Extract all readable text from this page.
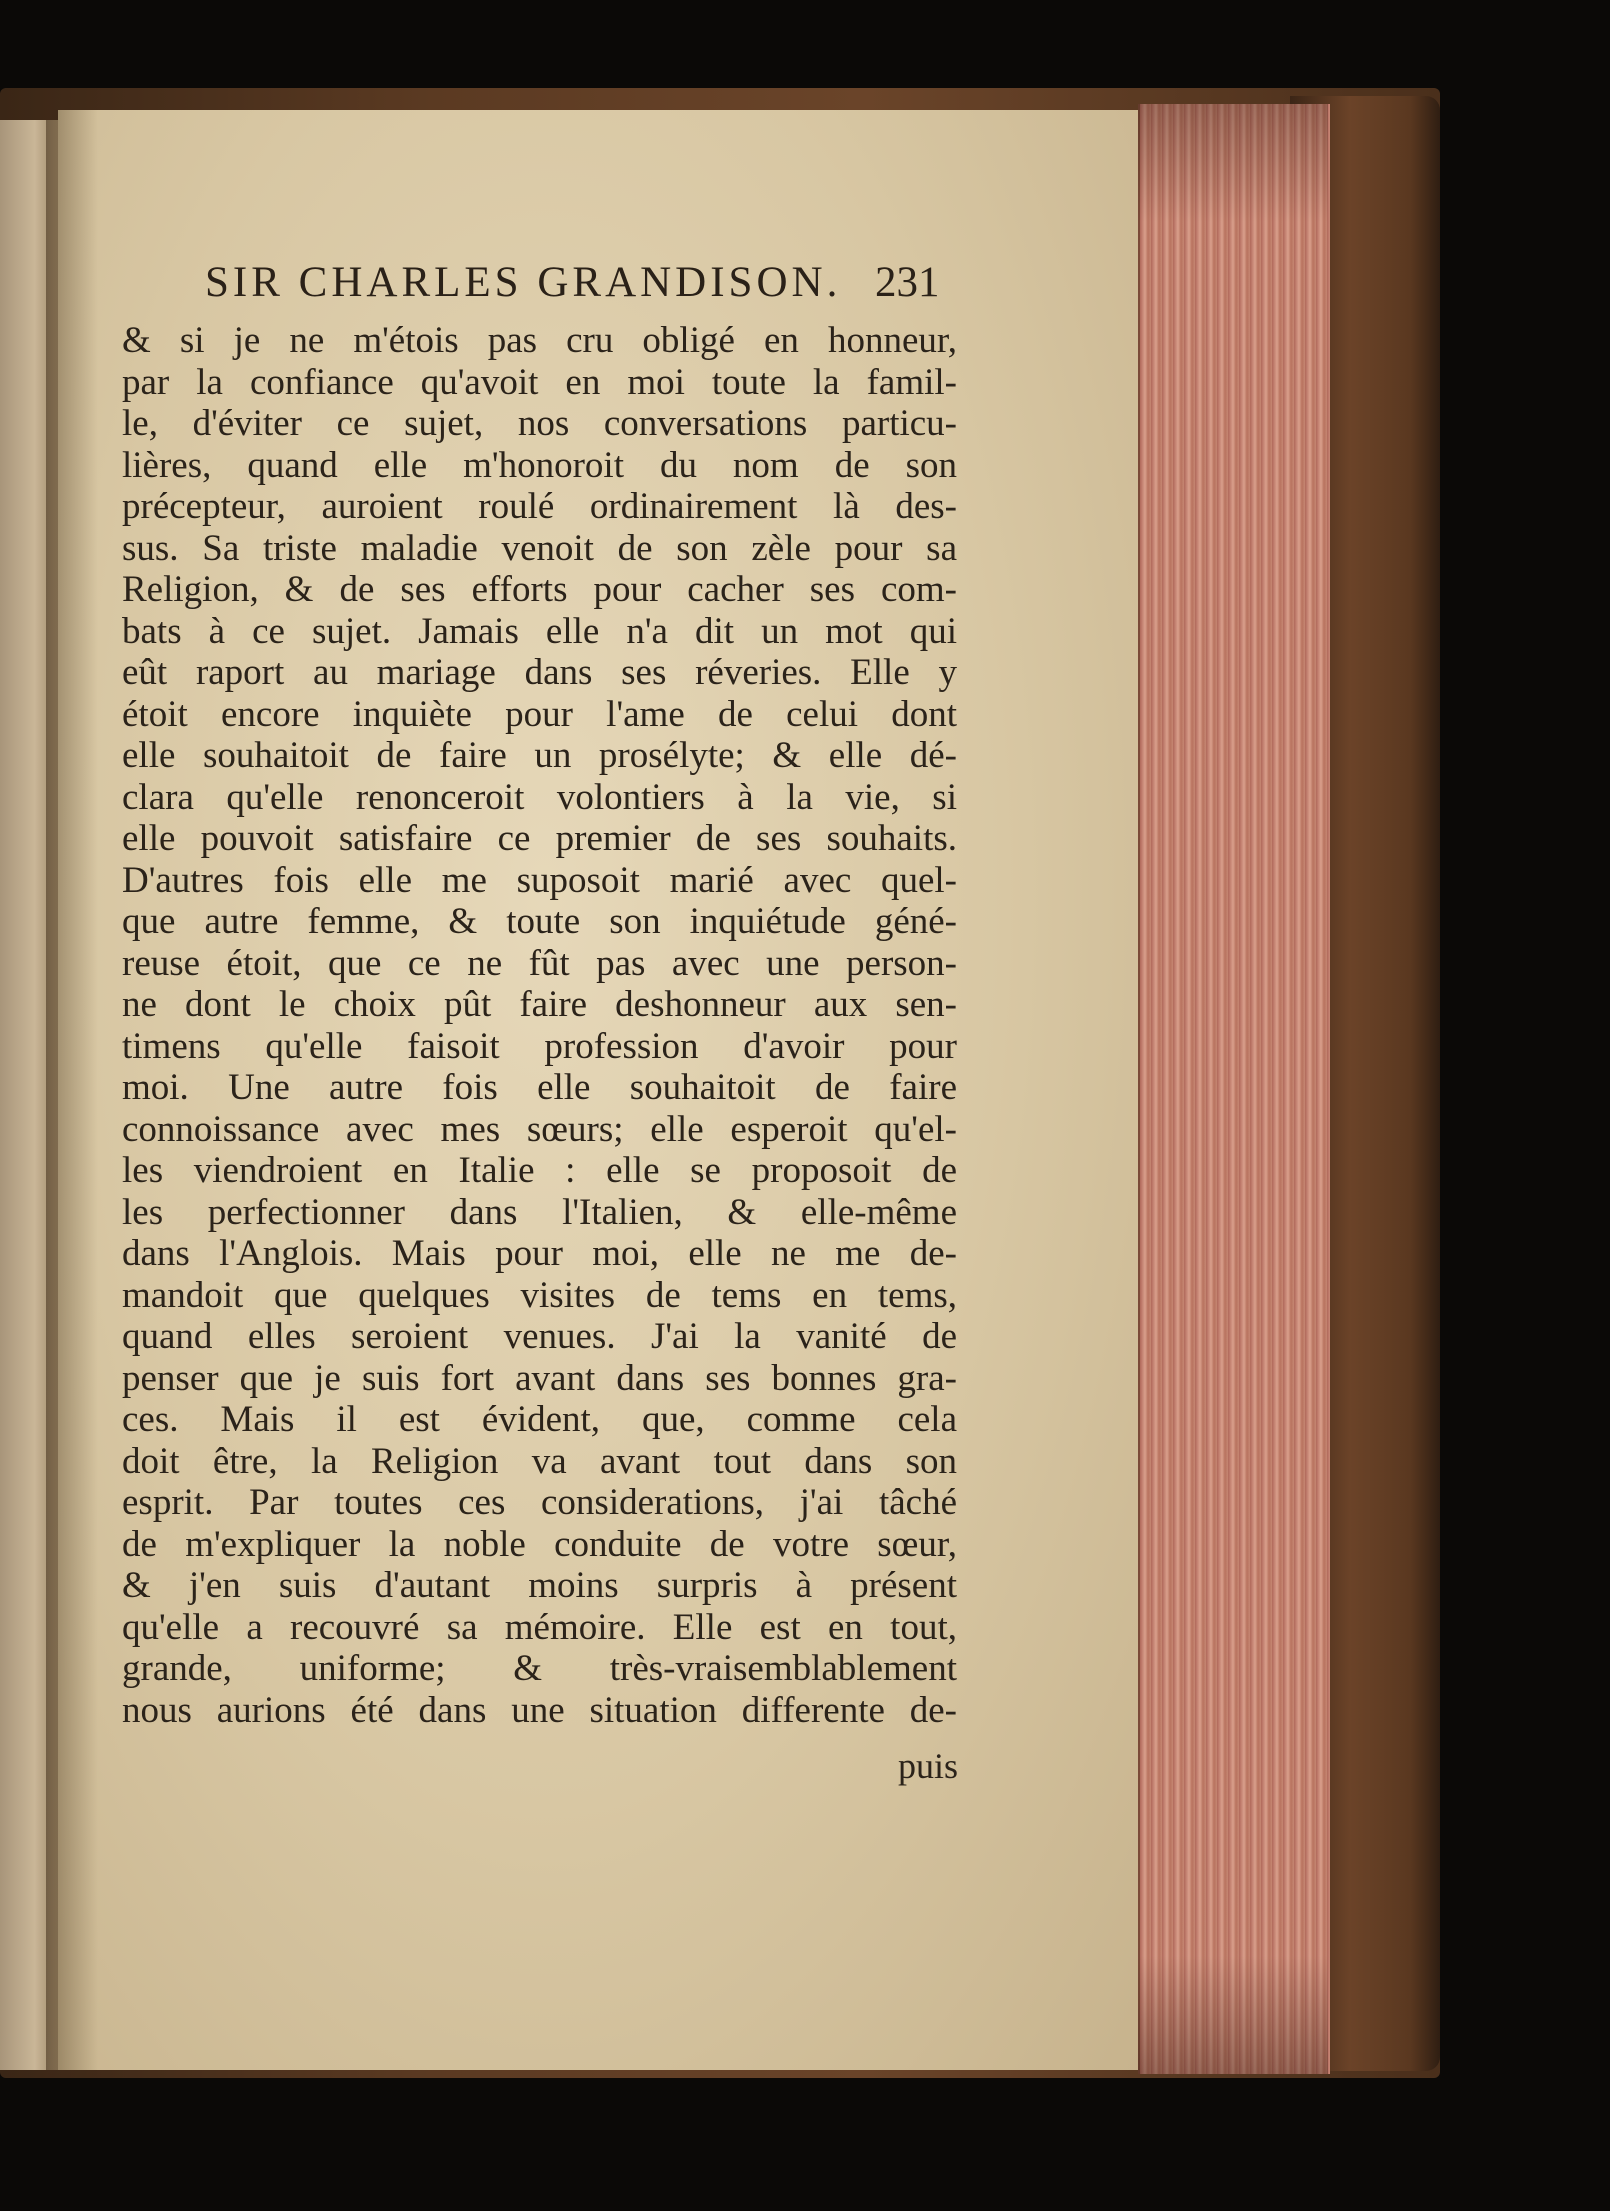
SIR CHARLES GRANDISON. 231
& si je ne m'étois pas cru obligé en honneur,
par la confiance qu'avoit en moi toute la famil-
le, d'éviter ce sujet, nos conversations particu-
lières, quand elle m'honoroit du nom de son
précepteur, auroient roulé ordinairement là des-
sus. Sa triste maladie venoit de son zèle pour sa
Religion, & de ses efforts pour cacher ses com-
bats à ce sujet. Jamais elle n'a dit un mot qui
eût raport au mariage dans ses réveries. Elle y
étoit encore inquiète pour l'ame de celui dont
elle souhaitoit de faire un prosélyte; & elle dé-
clara qu'elle renonceroit volontiers à la vie, si
elle pouvoit satisfaire ce premier de ses souhaits.
D'autres fois elle me suposoit marié avec quel-
que autre femme, & toute son inquiétude géné-
reuse étoit, que ce ne fût pas avec une person-
ne dont le choix pût faire deshonneur aux sen-
timens qu'elle faisoit profession d'avoir pour
moi. Une autre fois elle souhaitoit de faire
connoissance avec mes sœurs; elle esperoit qu'el-
les viendroient en Italie : elle se proposoit de
les perfectionner dans l'Italien, & elle-même
dans l'Anglois. Mais pour moi, elle ne me de-
mandoit que quelques visites de tems en tems,
quand elles seroient venues. J'ai la vanité de
penser que je suis fort avant dans ses bonnes gra-
ces. Mais il est évident, que, comme cela
doit être, la Religion va avant tout dans son
esprit. Par toutes ces considerations, j'ai tâché
de m'expliquer la noble conduite de votre sœur,
& j'en suis d'autant moins surpris à présent
qu'elle a recouvré sa mémoire. Elle est en tout,
grande, uniforme; & très-vraisemblablement
nous aurions été dans une situation differente de-
puis
